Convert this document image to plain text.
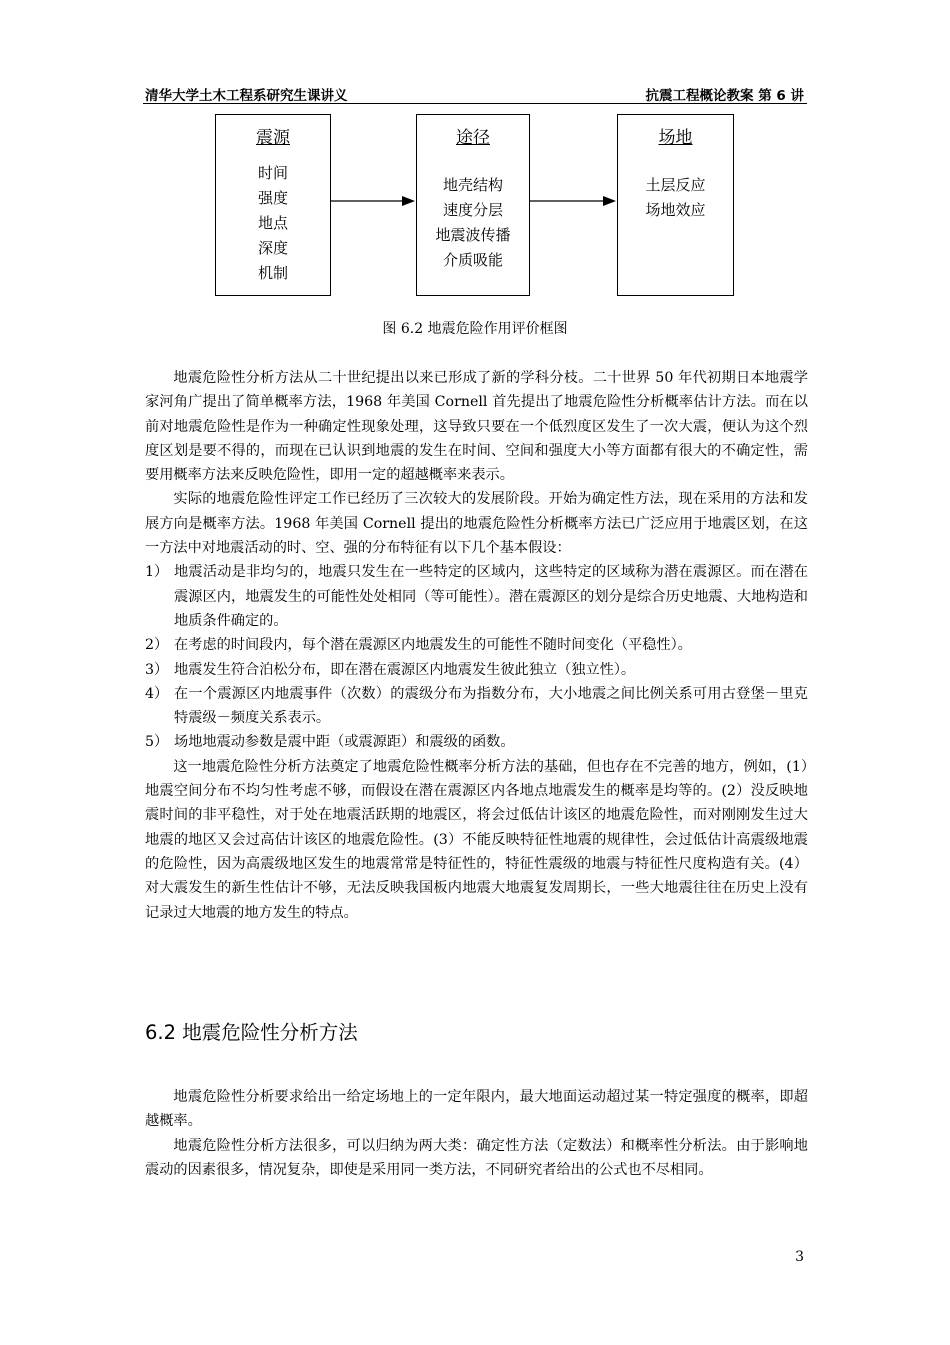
清华大学土木工程系研究生课讲义	抗震工程概论教案 第 6 讲
震源
时间
强度
地点
深度
机制
途径
地壳结构
速度分层
地震波传播
介质吸能
场地
土层反应
场地效应
图 6.2 地震危险作用评价框图

地震危险性分析方法从二十世纪提出以来已形成了新的学科分枝。二十世界 50 年代初期日本地震学家河角广提出了简单概率方法，1968 年美国 Cornell 首先提出了地震危险性分析概率估计方法。而在以前对地震危险性是作为一种确定性现象处理，这导致只要在一个低烈度区发生了一次大震，便认为这个烈度区划是要不得的，而现在已认识到地震的发生在时间、空间和强度大小等方面都有很大的不确定性，需要用概率方法来反映危险性，即用一定的超越概率来表示。

实际的地震危险性评定工作已经历了三次较大的发展阶段。开始为确定性方法，现在采用的方法和发展方向是概率方法。1968 年美国 Cornell 提出的地震危险性分析概率方法已广泛应用于地震区划，在这一方法中对地震活动的时、空、强的分布特征有以下几个基本假设：

1） 地震活动是非均匀的，地震只发生在一些特定的区域内，这些特定的区域称为潜在震源区。而在潜在震源区内，地震发生的可能性处处相同（等可能性）。潜在震源区的划分是综合历史地震、大地构造和地质条件确定的。

2） 在考虑的时间段内，每个潜在震源区内地震发生的可能性不随时间变化（平稳性）。

3） 地震发生符合泊松分布，即在潜在震源区内地震发生彼此独立（独立性）。

4） 在一个震源区内地震事件（次数）的震级分布为指数分布，大小地震之间比例关系可用古登堡－里克特震级－频度关系表示。

5） 场地地震动参数是震中距（或震源距）和震级的函数。

这一地震危险性分析方法奠定了地震危险性概率分析方法的基础，但也存在不完善的地方，例如，(1）地震空间分布不均匀性考虑不够，而假设在潜在震源区内各地点地震发生的概率是均等的。(2）没反映地震时间的非平稳性，对于处在地震活跃期的地震区，将会过低估计该区的地震危险性，而对刚刚发生过大地震的地区又会过高估计该区的地震危险性。(3）不能反映特征性地震的规律性，会过低估计高震级地震的危险性，因为高震级地区发生的地震常常是特征性的，特征性震级的地震与特征性尺度构造有关。(4）对大震发生的新生性估计不够，无法反映我国板内地震大地震复发周期长，一些大地震往往在历史上没有记录过大地震的地方发生的特点。

6.2 地震危险性分析方法

地震危险性分析要求给出一给定场地上的一定年限内，最大地面运动超过某一特定强度的概率，即超越概率。

地震危险性分析方法很多，可以归纳为两大类：确定性方法（定数法）和概率性分析法。由于影响地震动的因素很多，情况复杂，即使是采用同一类方法，不同研究者给出的公式也不尽相同。

3
